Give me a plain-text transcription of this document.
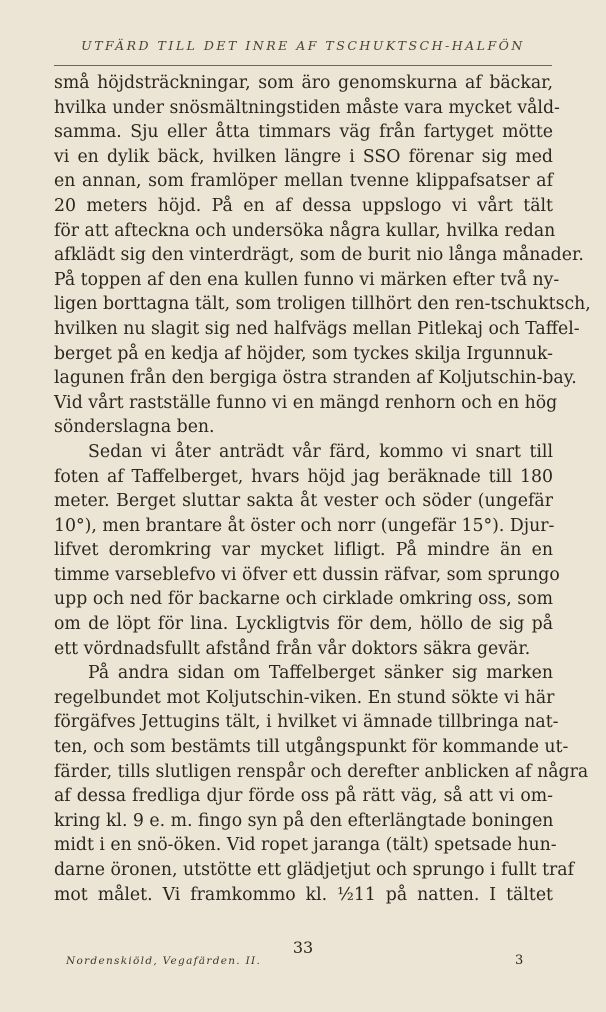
UTFÄRD TILL DET INRE AF TSCHUKTSCH-HALFÖN
små höjdsträckningar, som äro genomskurna af bäckar,
hvilka under snösmältningstiden måste vara mycket våld-
samma. Sju eller åtta timmars väg från fartyget mötte
vi en dylik bäck, hvilken längre i SSO förenar sig med
en annan, som framlöper mellan tvenne klippafsatser af
20 meters höjd. På en af dessa uppslogo vi vårt tält
för att afteckna och undersöka några kullar, hvilka redan
afklädt sig den vinterdrägt, som de burit nio långa månader.
På toppen af den ena kullen funno vi märken efter två ny-
ligen borttagna tält, som troligen tillhört den ren-tschuktsch,
hvilken nu slagit sig ned halfvägs mellan Pitlekaj och Taffel-
berget på en kedja af höjder, som tyckes skilja Irgunnuk-
lagunen från den bergiga östra stranden af Koljutschin-bay.
Vid vårt rastställe funno vi en mängd renhorn och en hög
sönderslagna ben.
Sedan vi åter anträdt vår färd, kommo vi snart till
foten af Taffelberget, hvars höjd jag beräknade till 180
meter. Berget sluttar sakta åt vester och söder (ungefär
10°), men brantare åt öster och norr (ungefär 15°). Djur-
lifvet deromkring var mycket lifligt. På mindre än en
timme varseblefvo vi öfver ett dussin räfvar, som sprungo
upp och ned för backarne och cirklade omkring oss, som
om de löpt för lina. Lyckligtvis för dem, höllo de sig på
ett vördnadsfullt afstånd från vår doktors säkra gevär.
På andra sidan om Taffelberget sänker sig marken
regelbundet mot Koljutschin-viken. En stund sökte vi här
förgäfves Jettugins tält, i hvilket vi ämnade tillbringa nat-
ten, och som bestämts till utgångspunkt för kommande ut-
färder, tills slutligen renspår och derefter anblicken af några
af dessa fredliga djur förde oss på rätt väg, så att vi om-
kring kl. 9 e. m. fingo syn på den efterlängtade boningen
midt i en snö-öken. Vid ropet jaranga (tält) spetsade hun-
darne öronen, utstötte ett glädjetjut och sprungo i fullt traf
mot målet. Vi framkommo kl. ½11 på natten. I tältet
33
Nordenskiöld, Vegafärden. II.	3
